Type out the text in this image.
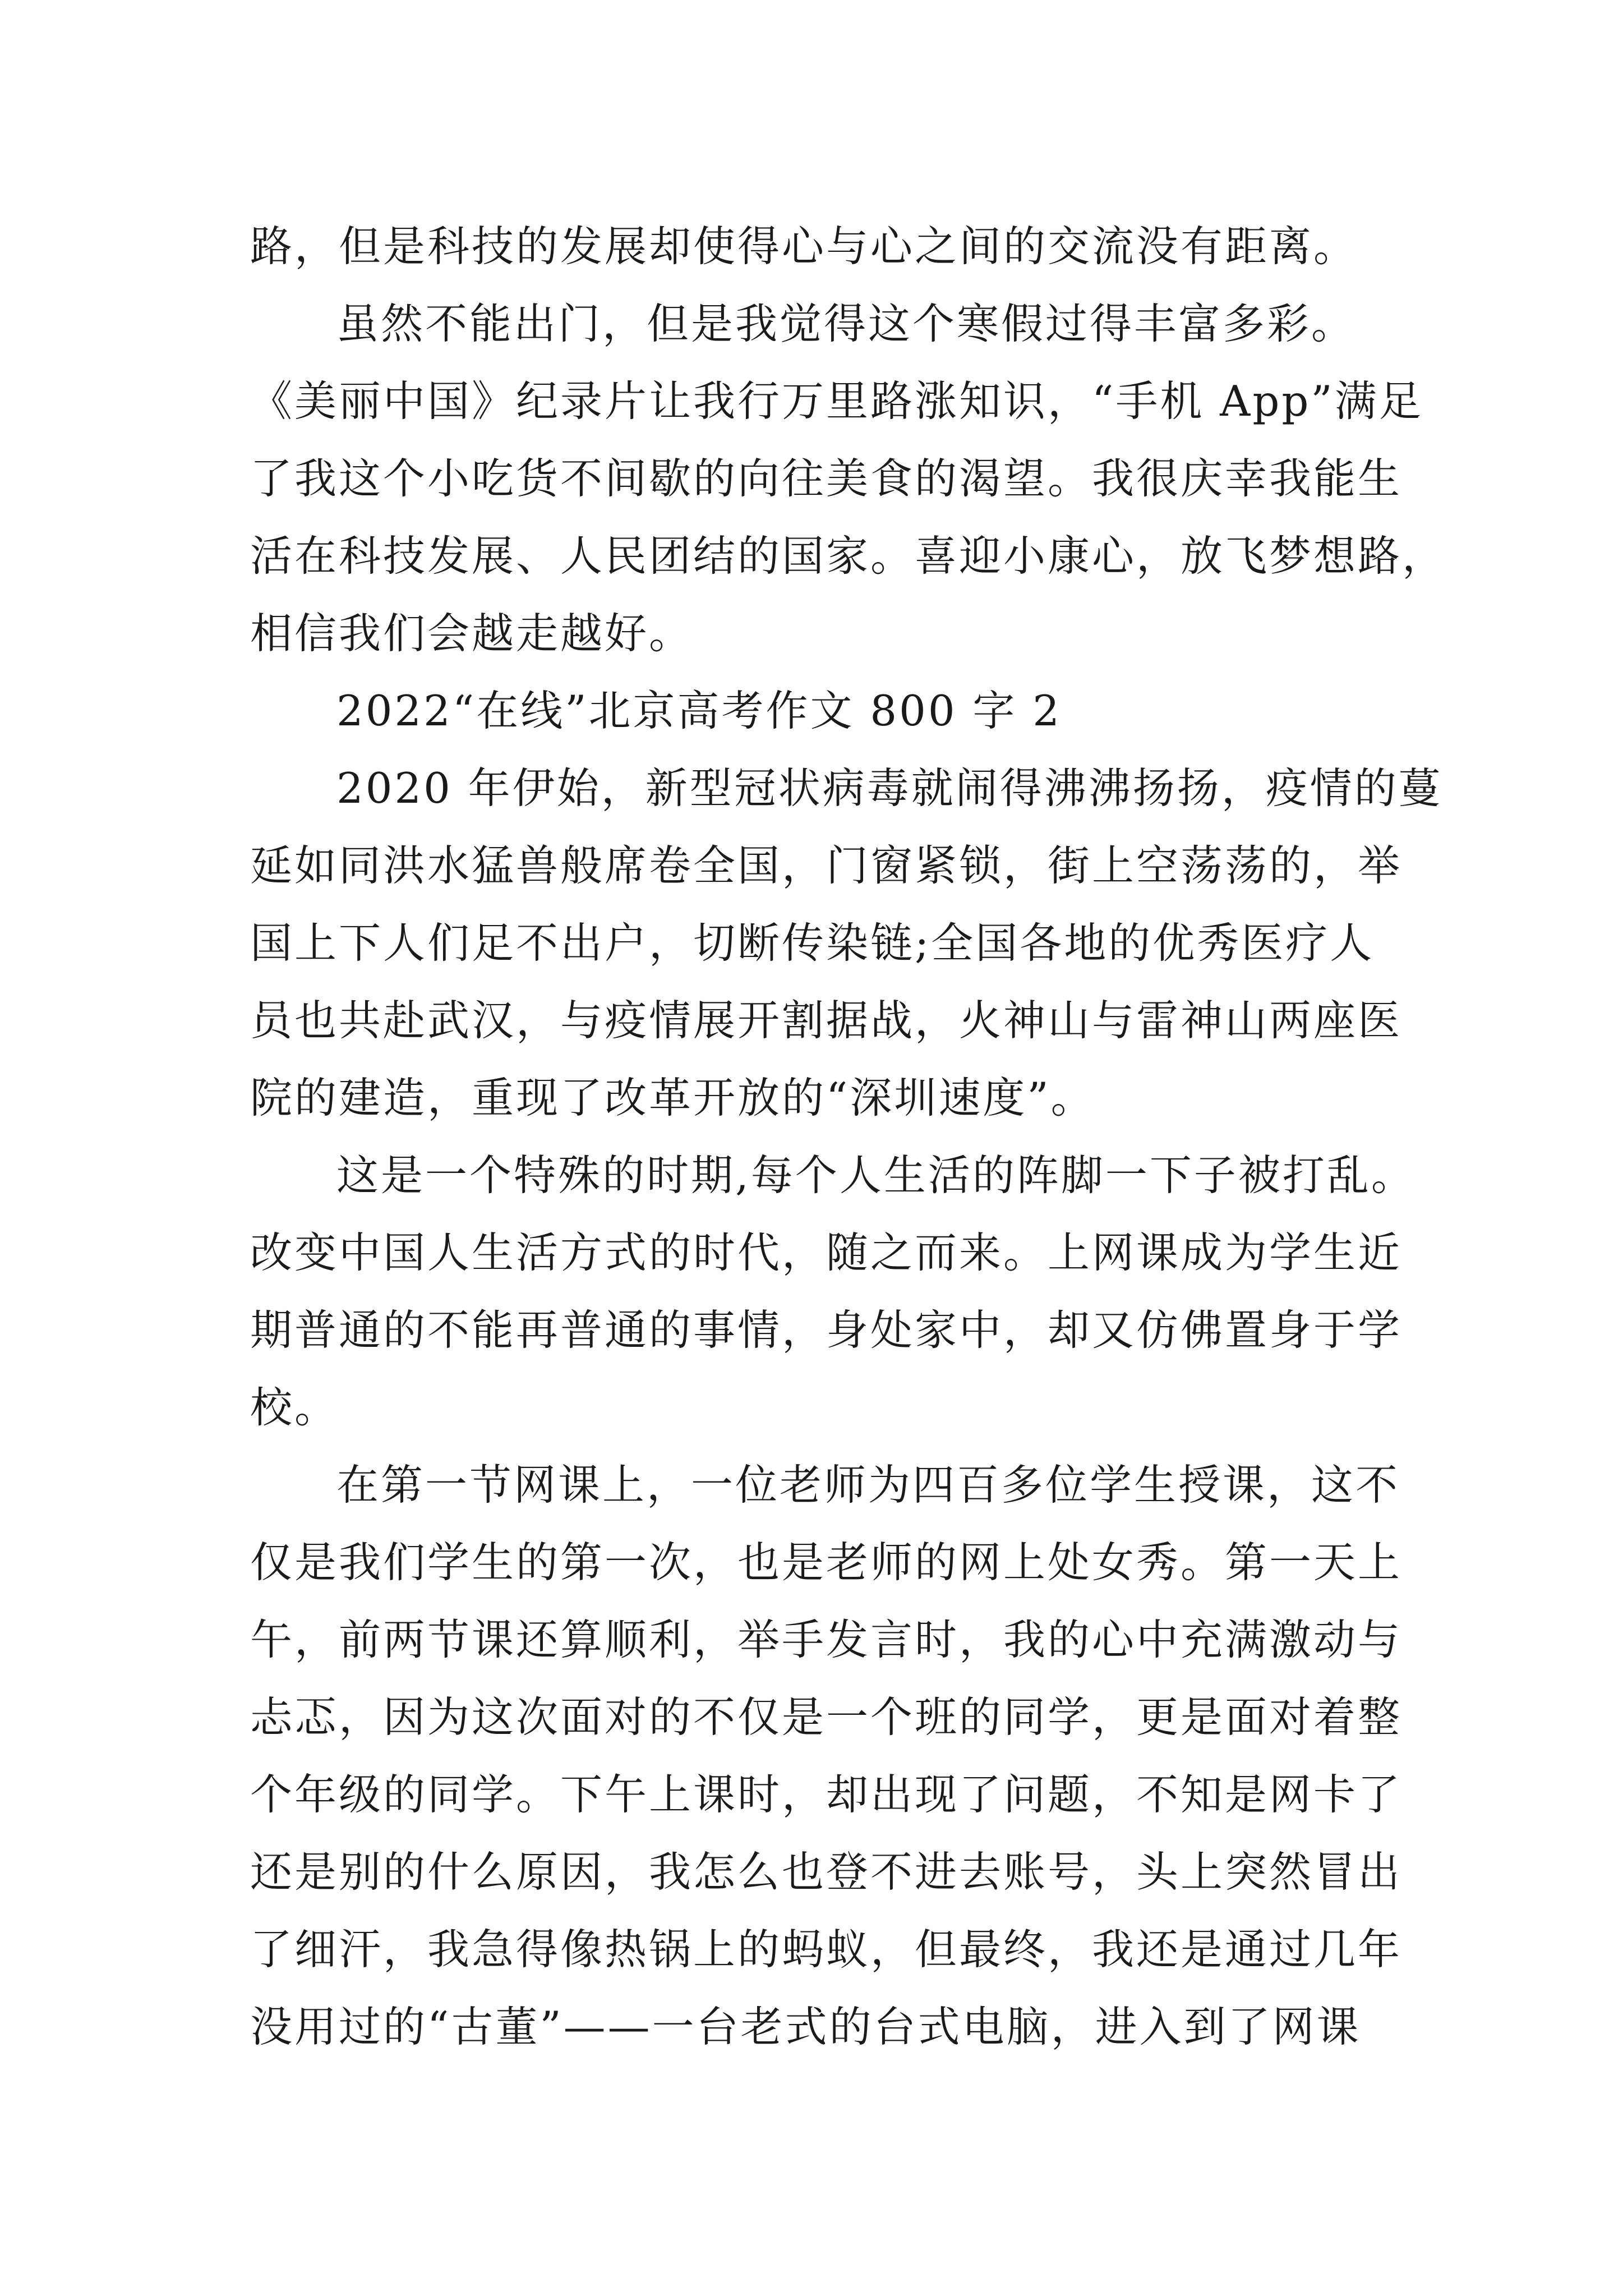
路，但是科技的发展却使得心与心之间的交流没有距离。
虽然不能出门，但是我觉得这个寒假过得丰富多彩。
《美丽中国》纪录片让我行万里路涨知识，“手机 App”满足
了我这个小吃货不间歇的向往美食的渴望。我很庆幸我能生
活在科技发展、人民团结的国家。喜迎小康心，放飞梦想路，
相信我们会越走越好。
2022“在线”北京高考作文 800 字 2
2020 年伊始，新型冠状病毒就闹得沸沸扬扬，疫情的蔓
延如同洪水猛兽般席卷全国，门窗紧锁，街上空荡荡的，举
国上下人们足不出户，切断传染链;全国各地的优秀医疗人
员也共赴武汉，与疫情展开割据战，火神山与雷神山两座医
院的建造，重现了改革开放的“深圳速度”。
这是一个特殊的时期,每个人生活的阵脚一下子被打乱。
改变中国人生活方式的时代，随之而来。上网课成为学生近
期普通的不能再普通的事情，身处家中，却又仿佛置身于学
校。
在第一节网课上，一位老师为四百多位学生授课，这不
仅是我们学生的第一次，也是老师的网上处女秀。第一天上
午，前两节课还算顺利，举手发言时，我的心中充满激动与
忐忑，因为这次面对的不仅是一个班的同学，更是面对着整
个年级的同学。下午上课时，却出现了问题，不知是网卡了
还是别的什么原因，我怎么也登不进去账号，头上突然冒出
了细汗，我急得像热锅上的蚂蚁，但最终，我还是通过几年
没用过的“古董”——一台老式的台式电脑，进入到了网课
